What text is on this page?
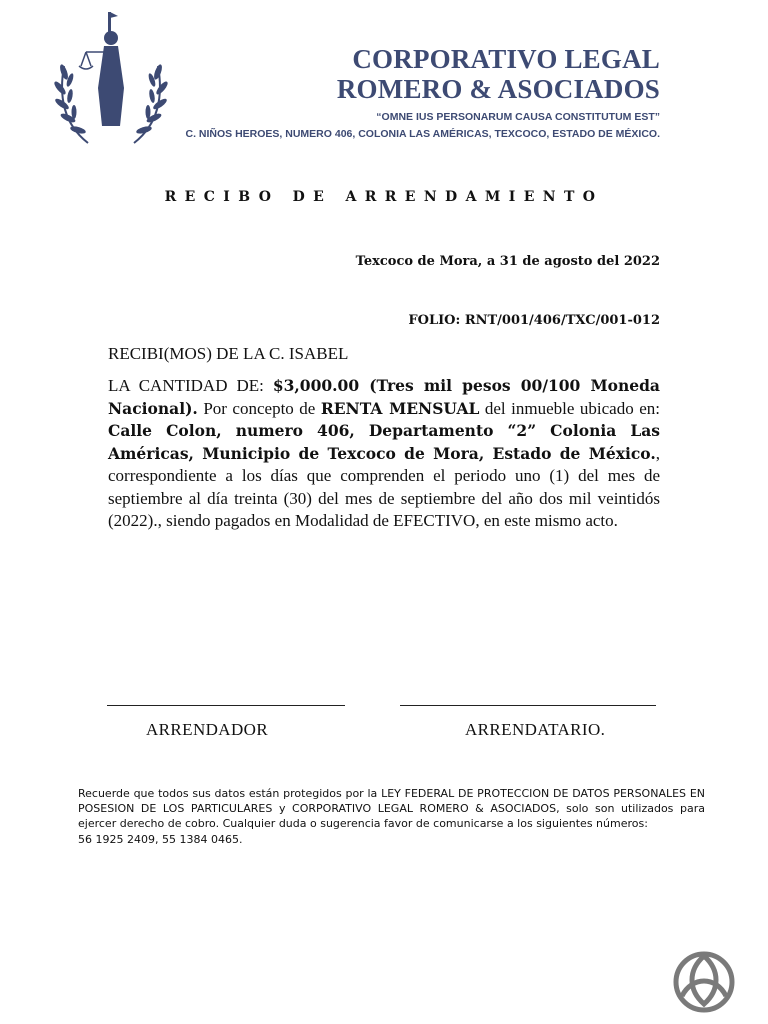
CORPORATIVO LEGAL
ROMERO & ASOCIADOS
“OMNE IUS PERSONARUM CAUSA CONSTITUTUM EST”
C. NIÑOS HEROES, NUMERO 406, COLONIA LAS AMÉRICAS, TEXCOCO, ESTADO DE MÉXICO.
RECIBO DE ARRENDAMIENTO
Texcoco de Mora, a 31 de agosto del 2022
FOLIO: RNT/001/406/TXC/001-012
RECIBI(MOS) DE LA C. ISABEL
LA CANTIDAD DE: $3,000.00 (Tres mil pesos 00/100 Moneda Nacional). Por concepto de RENTA MENSUAL del inmueble ubicado en: Calle Colon, numero 406, Departamento “2” Colonia Las Américas, Municipio de Texcoco de Mora, Estado de México., correspondiente a los días que comprenden el periodo uno (1) del mes de septiembre al día treinta (30) del mes de septiembre del año dos mil veintidós (2022)., siendo pagados en Modalidad de EFECTIVO, en este mismo acto.
ARRENDADOR	ARRENDATARIO.

Recuerde que todos sus datos están protegidos por la LEY FEDERAL DE PROTECCION DE DATOS PERSONALES EN POSESION DE LOS PARTICULARES y CORPORATIVO LEGAL ROMERO & ASOCIADOS, solo son utilizados para ejercer derecho de cobro. Cualquier duda o sugerencia favor de comunicarse a los siguientes números:

56 1925 2409, 55 1384 0465.
